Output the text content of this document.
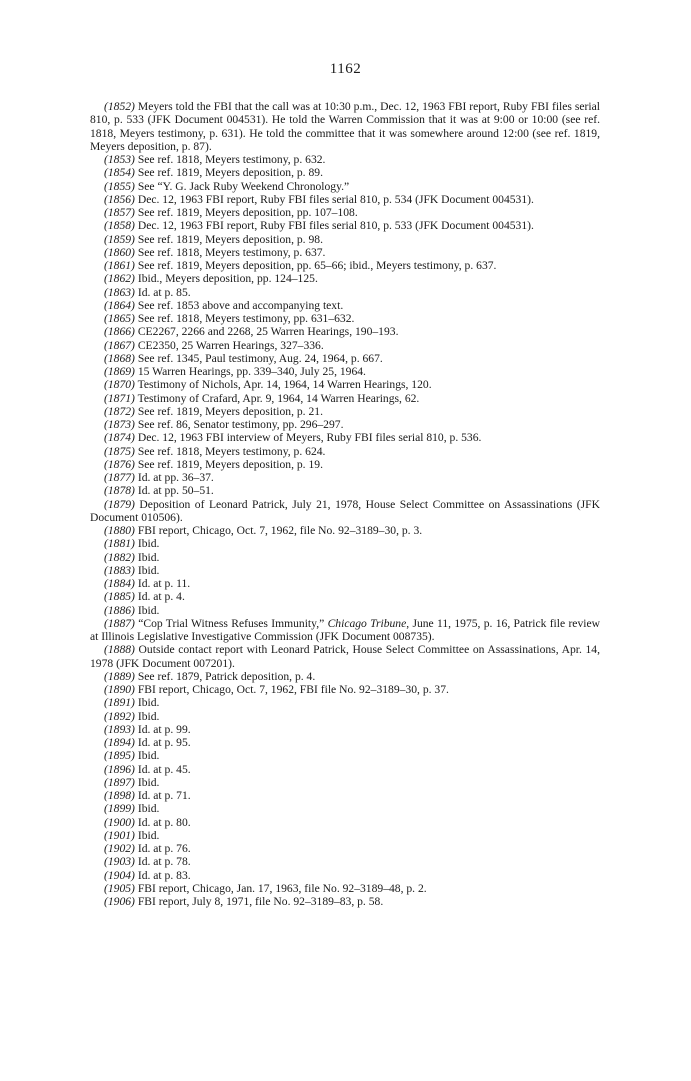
1162

(1852) Meyers told the FBI that the call was at 10:30 p.m., Dec. 12, 1963 FBI report, Ruby FBI files serial 810, p. 533 (JFK Document 004531). He told the Warren Commission that it was at 9:00 or 10:00 (see ref. 1818, Meyers testimony, p. 631). He told the committee that it was somewhere around 12:00 (see ref. 1819, Meyers deposition, p. 87).

(1853) See ref. 1818, Meyers testimony, p. 632.

(1854) See ref. 1819, Meyers deposition, p. 89.

(1855) See “Y. G. Jack Ruby Weekend Chronology.”

(1856) Dec. 12, 1963 FBI report, Ruby FBI files serial 810, p. 534 (JFK Document 004531).

(1857) See ref. 1819, Meyers deposition, pp. 107–108.

(1858) Dec. 12, 1963 FBI report, Ruby FBI files serial 810, p. 533 (JFK Document 004531).

(1859) See ref. 1819, Meyers deposition, p. 98.

(1860) See ref. 1818, Meyers testimony, p. 637.

(1861) See ref. 1819, Meyers deposition, pp. 65–66; ibid., Meyers testimony, p. 637.

(1862) Ibid., Meyers deposition, pp. 124–125.

(1863) Id. at p. 85.

(1864) See ref. 1853 above and accompanying text.

(1865) See ref. 1818, Meyers testimony, pp. 631–632.

(1866) CE2267, 2266 and 2268, 25 Warren Hearings, 190–193.

(1867) CE2350, 25 Warren Hearings, 327–336.

(1868) See ref. 1345, Paul testimony, Aug. 24, 1964, p. 667.

(1869) 15 Warren Hearings, pp. 339–340, July 25, 1964.

(1870) Testimony of Nichols, Apr. 14, 1964, 14 Warren Hearings, 120.

(1871) Testimony of Crafard, Apr. 9, 1964, 14 Warren Hearings, 62.

(1872) See ref. 1819, Meyers deposition, p. 21.

(1873) See ref. 86, Senator testimony, pp. 296–297.

(1874) Dec. 12, 1963 FBI interview of Meyers, Ruby FBI files serial 810, p. 536.

(1875) See ref. 1818, Meyers testimony, p. 624.

(1876) See ref. 1819, Meyers deposition, p. 19.

(1877) Id. at pp. 36–37.

(1878) Id. at pp. 50–51.

(1879) Deposition of Leonard Patrick, July 21, 1978, House Select Committee on Assassinations (JFK Document 010506).

(1880) FBI report, Chicago, Oct. 7, 1962, file No. 92–3189–30, p. 3.

(1881) Ibid.

(1882) Ibid.

(1883) Ibid.

(1884) Id. at p. 11.

(1885) Id. at p. 4.

(1886) Ibid.

(1887) “Cop Trial Witness Refuses Immunity,” Chicago Tribune, June 11, 1975, p. 16, Patrick file review at Illinois Legislative Investigative Commission (JFK Document 008735).

(1888) Outside contact report with Leonard Patrick, House Select Committee on Assassinations, Apr. 14, 1978 (JFK Document 007201).

(1889) See ref. 1879, Patrick deposition, p. 4.

(1890) FBI report, Chicago, Oct. 7, 1962, FBI file No. 92–3189–30, p. 37.

(1891) Ibid.

(1892) Ibid.

(1893) Id. at p. 99.

(1894) Id. at p. 95.

(1895) Ibid.

(1896) Id. at p. 45.

(1897) Ibid.

(1898) Id. at p. 71.

(1899) Ibid.

(1900) Id. at p. 80.

(1901) Ibid.

(1902) Id. at p. 76.

(1903) Id. at p. 78.

(1904) Id. at p. 83.

(1905) FBI report, Chicago, Jan. 17, 1963, file No. 92–3189–48, p. 2.

(1906) FBI report, July 8, 1971, file No. 92–3189–83, p. 58.
